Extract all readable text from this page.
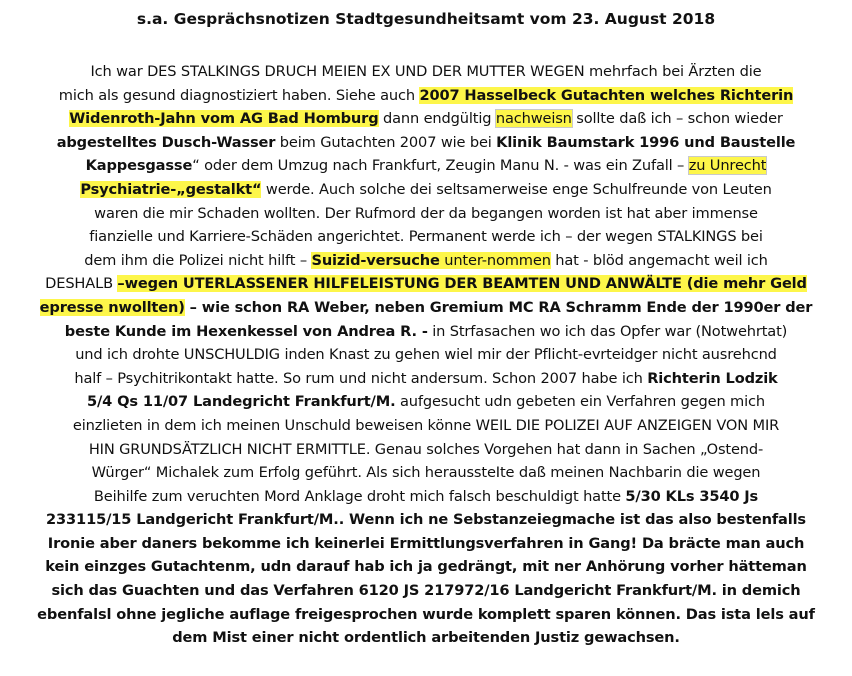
s.a. Gesprächsnotizen Stadtgesundheitsamt vom 23. August 2018
Ich war DES STALKINGS DRUCH MEIEN EX UND DER MUTTER WEGEN mehrfach bei Ärzten die
mich als gesund diagnostiziert haben. Siehe auch 2007 Hasselbeck Gutachten welches Richterin
Widenroth-Jahn vom AG Bad Homburg dann endgültig nachweisn sollte daß ich – schon wieder
abgestelltes Dusch-Wasser beim Gutachten 2007 wie bei Klinik Baumstark 1996 und Baustelle
Kappesgasse“ oder dem Umzug nach Frankfurt, Zeugin Manu N. - was ein Zufall – zu Unrecht
Psychiatrie-„gestalkt“ werde. Auch solche dei seltsamerweise enge Schulfreunde von Leuten
waren die mir Schaden wollten. Der Rufmord der da begangen worden ist hat aber immense
fianzielle und Karriere-Schäden angerichtet. Permanent werde ich – der wegen STALKINGS bei
dem ihm die Polizei nicht hilft – Suizid-versuche unter-nommen hat - blöd angemacht weil ich
DESHALB –wegen UTERLASSENER HILFELEISTUNG DER BEAMTEN UND ANWÄLTE (die mehr Geld
epresse nwollten) – wie schon RA Weber, neben Gremium MC RA Schramm Ende der 1990er der
beste Kunde im Hexenkessel von Andrea R. - in Strfasachen wo ich das Opfer war (Notwehrtat)
und ich drohte UNSCHULDIG inden Knast zu gehen wiel mir der Pflicht-evrteidger nicht ausrehcnd
half – Psychitrikontakt hatte. So rum und nicht andersum. Schon 2007 habe ich Richterin Lodzik
5/4 Qs 11/07 Landegricht Frankfurt/M. aufgesucht udn gebeten ein Verfahren gegen mich
einzlieten in dem ich meinen Unschuld beweisen könne WEIL DIE POLIZEI AUF ANZEIGEN VON MIR
HIN GRUNDSÄTZLICH NICHT ERMITTLE. Genau solches Vorgehen hat dann in Sachen „Ostend-
Würger“ Michalek zum Erfolg geführt. Als sich heraussteIte daß meinen Nachbarin die wegen
Beihilfe zum veruchten Mord Anklage droht mich falsch beschuldigt hatte 5/30 KLs 3540 Js
233115/15 Landgericht Frankfurt/M.. Wenn ich ne Sebstanzeiegmache ist das also bestenfalls
Ironie aber daners bekomme ich keinerlei Ermittlungsverfahren in Gang! Da bräcte man auch
kein einzges Gutachtenm, udn darauf hab ich ja gedrängt, mit ner Anhörung vorher hätteman
sich das Guachten und das Verfahren 6120 JS 217972/16 Landgericht Frankfurt/M. in demich
ebenfalsl ohne jegliche auflage freigesprochen wurde komplett sparen können. Das ista lels auf
dem Mist einer nicht ordentlich arbeitenden Justiz gewachsen.
